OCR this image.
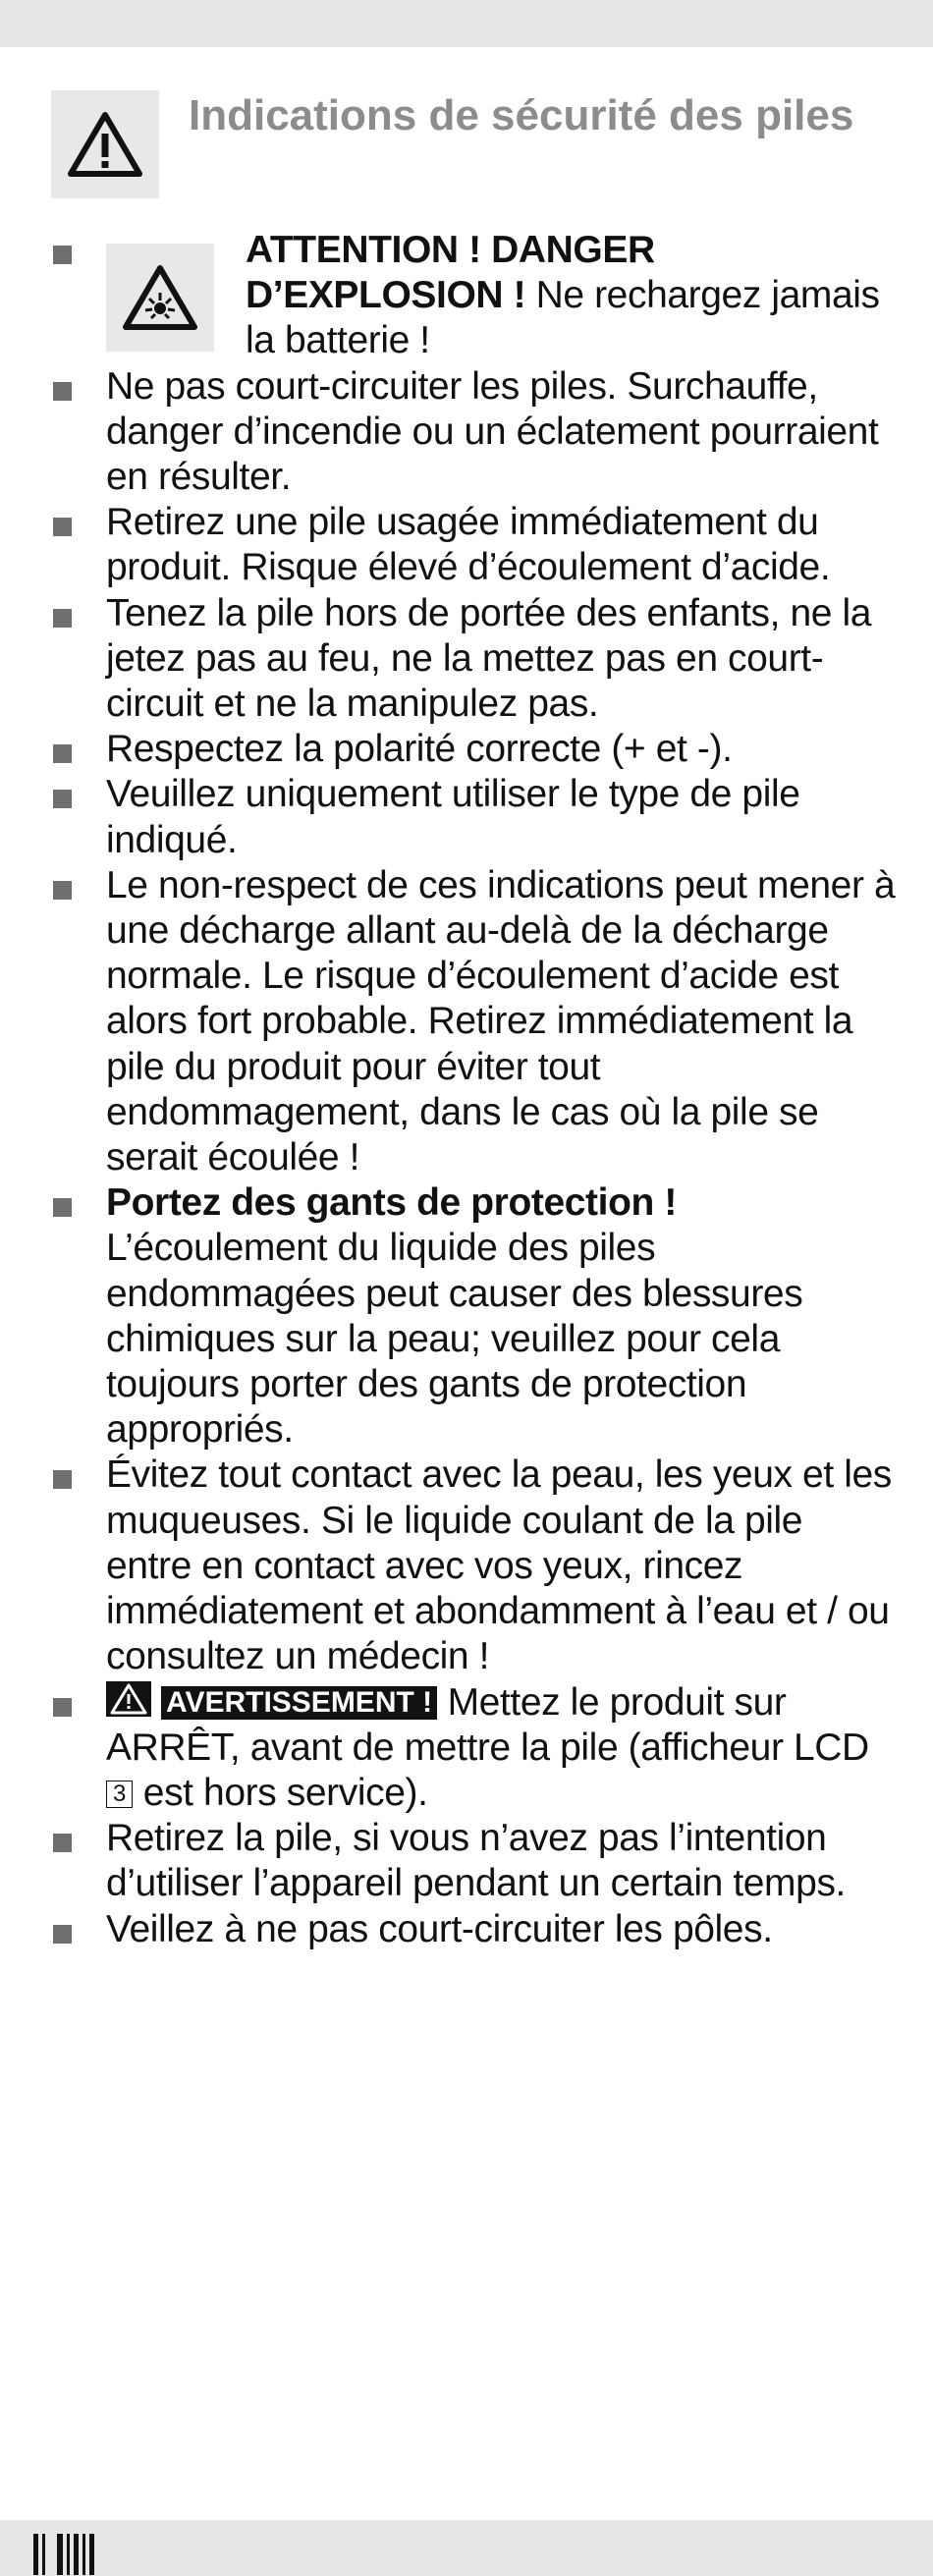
Indications de sécurité des piles
ATTENTION ! DANGER D’EXPLOSION ! Ne rechargez jamais la batterie !
Ne pas court-circuiter les piles. Surchauffe, danger d’incendie ou un éclatement pourraient en résulter.
Retirez une pile usagée immédiatement du produit. Risque élevé d’écoulement d’acide.
Tenez la pile hors de portée des enfants, ne la jetez pas au feu, ne la mettez pas en court-circuit et ne la manipulez pas.
Respectez la polarité correcte (+ et -).
Veuillez uniquement utiliser le type de pile indiqué.
Le non-respect de ces indications peut mener à une décharge allant au-delà de la décharge normale. Le risque d’écoulement d’acide est alors fort probable. Retirez immédiatement la pile du produit pour éviter tout endommagement, dans le cas où la pile se serait écoulée !
Portez des gants de protection !
L’écoulement du liquide des piles endommagées peut causer des blessures chimiques sur la peau; veuillez pour cela toujours porter des gants de protection appropriés.
Évitez tout contact avec la peau, les yeux et les muqueuses. Si le liquide coulant de la pile entre en contact avec vos yeux, rincez immédiatement et abondamment à l’eau et / ou consultez un médecin !
AVERTISSEMENT ! Mettez le produit sur ARRÊT, avant de mettre la pile (afficheur LCD 3 est hors service).
Retirez la pile, si vous n’avez pas l’intention d’utiliser l’appareil pendant un certain temps.
Veillez à ne pas court-circuiter les pôles.
